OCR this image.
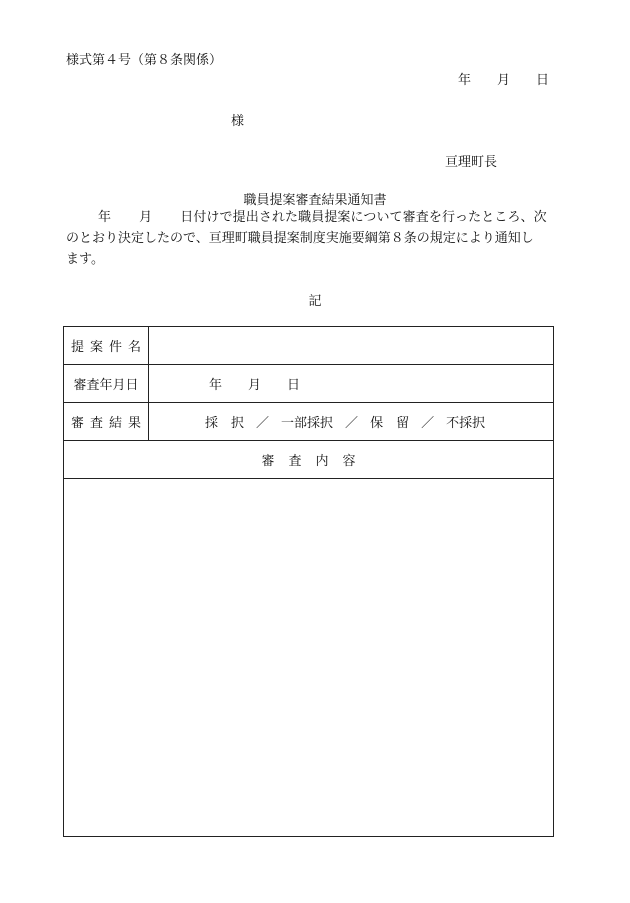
様式第４号（第８条関係）
年 月 日
様
亘理町長
職員提案審査結果通知書

年 月 日付けで提出された職員提案について審査を行ったところ、次

のとおり決定したので、亘理町職員提案制度実施要綱第８条の規定により通知し

ます。

記
提案件名
審査年月日	年 月 日
審査結果	採　択 ／ 一部採択 ／ 保　留 ／ 不採択
審査内容
